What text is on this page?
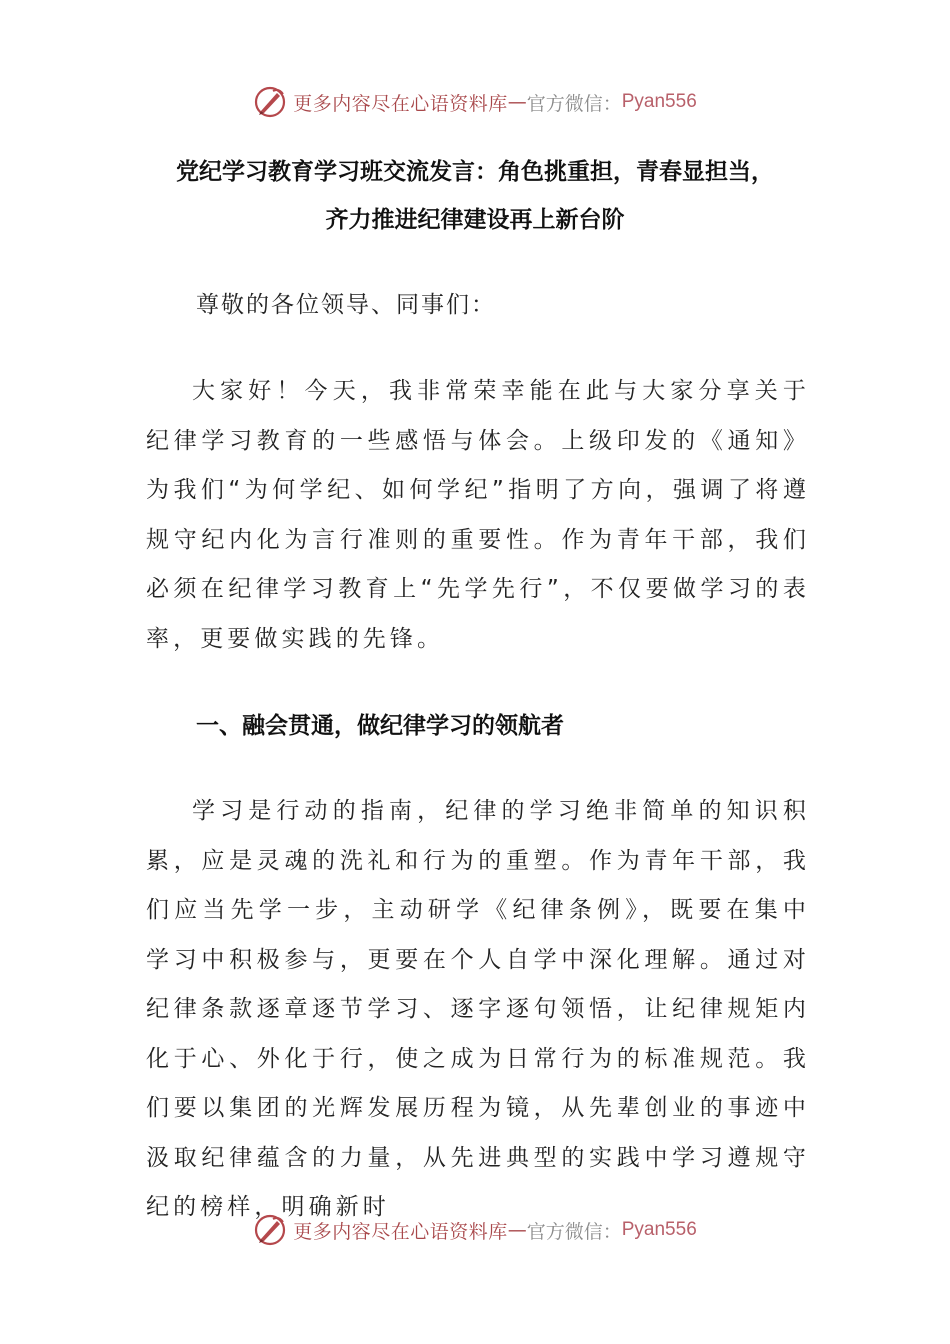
更多内容尽在心语资料库 — 官方微信： Pyan556
党纪学习教育学习班交流发言：角色挑重担，青春显担当，
齐力推进纪律建设再上新台阶
尊敬的各位领导、同事们：

大家好！今天，我非常荣幸能在此与大家分享关于纪律学习教育的一些感悟与体会。上级印发的《通知》为我们“为何学纪、如何学纪”指明了方向，强调了将遵规守纪内化为言行准则的重要性。作为青年干部，我们必须在纪律学习教育上“先学先行”，不仅要做学习的表率，更要做实践的先锋。

一、融会贯通，做纪律学习的领航者

学习是行动的指南，纪律的学习绝非简单的知识积累，应是灵魂的洗礼和行为的重塑。作为青年干部，我们应当先学一步，主动研学《纪律条例》，既要在集中学习中积极参与，更要在个人自学中深化理解。通过对纪律条款逐章逐节学习、逐字逐句领悟，让纪律规矩内化于心、外化于行，使之成为日常行为的标准规范。我们要以集团的光辉发展历程为镜，从先辈创业的事迹中汲取纪律蕴含的力量，从先进典型的实践中学习遵规守纪的榜样，明确新时

更多内容尽在心语资料库 — 官方微信： Pyan556
